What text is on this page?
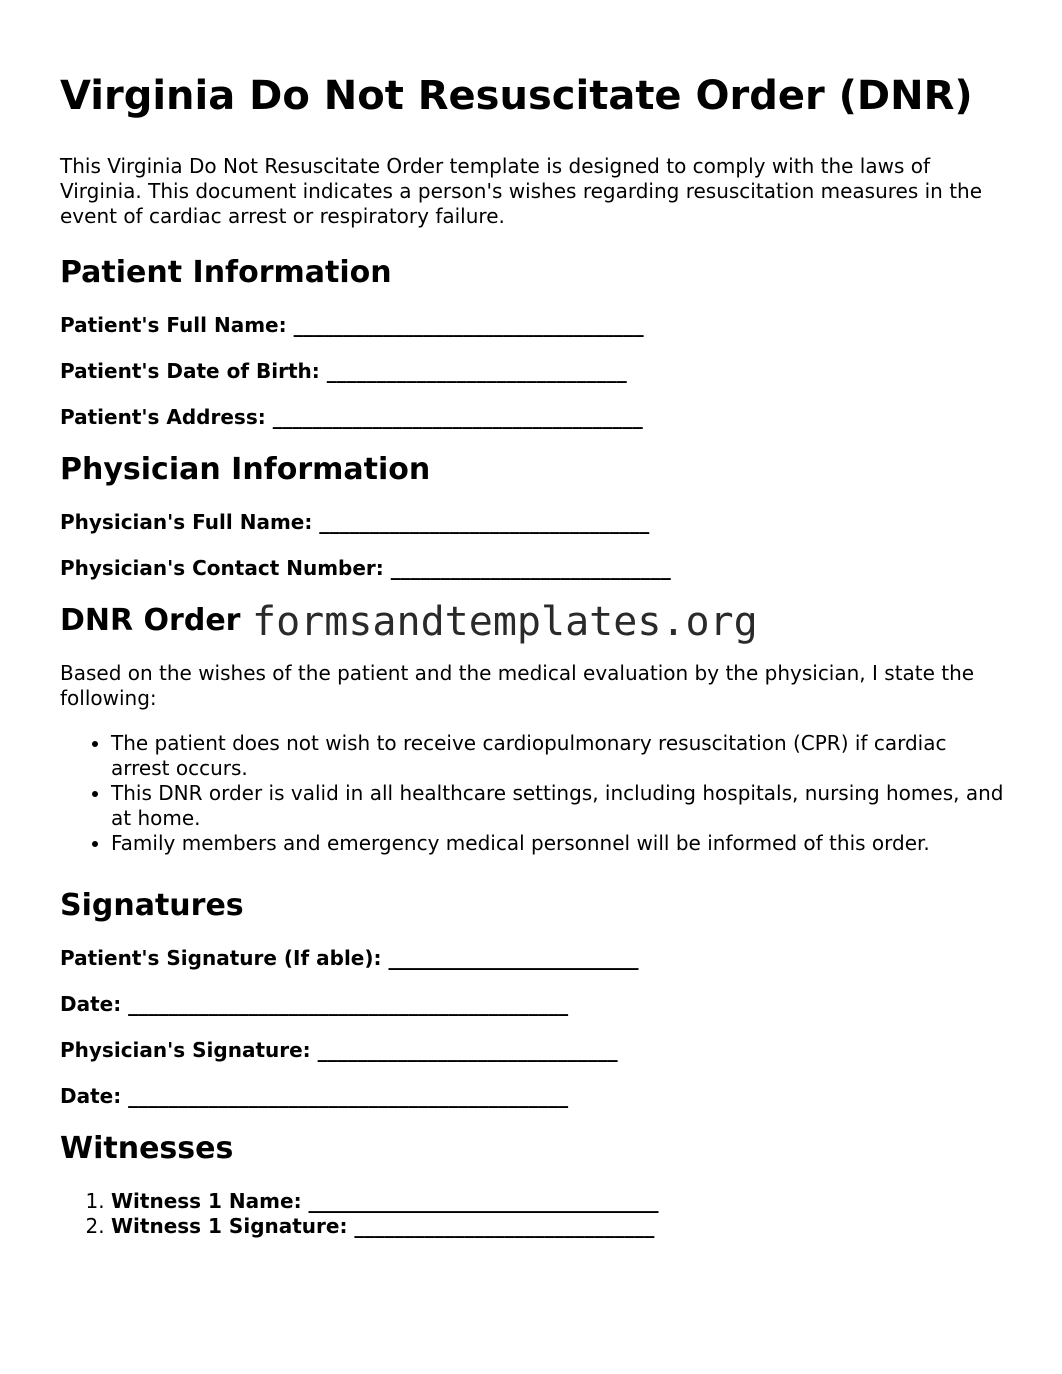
Virginia Do Not Resuscitate Order (DNR)

This Virginia Do Not Resuscitate Order template is designed to comply with the laws of Virginia. This document indicates a person's wishes regarding resuscitation measures in the event of cardiac arrest or respiratory failure.

Patient Information

Patient's Full Name: ___________________________________

Patient's Date of Birth: ______________________________

Patient's Address: _____________________________________

Physician Information

Physician's Full Name: _________________________________

Physician's Contact Number: ____________________________

DNR Order formsandtemplates.org

Based on the wishes of the patient and the medical evaluation by the physician, I state the following:

• The patient does not wish to receive cardiopulmonary resuscitation (CPR) if cardiac arrest occurs.
• This DNR order is valid in all healthcare settings, including hospitals, nursing homes, and at home.
• Family members and emergency medical personnel will be informed of this order.
Signatures

Patient's Signature (If able): _________________________

Date: ____________________________________________

Physician's Signature: ______________________________

Date: ____________________________________________

Witnesses
1. Witness 1 Name: ___________________________________
2. Witness 1 Signature: ______________________________
